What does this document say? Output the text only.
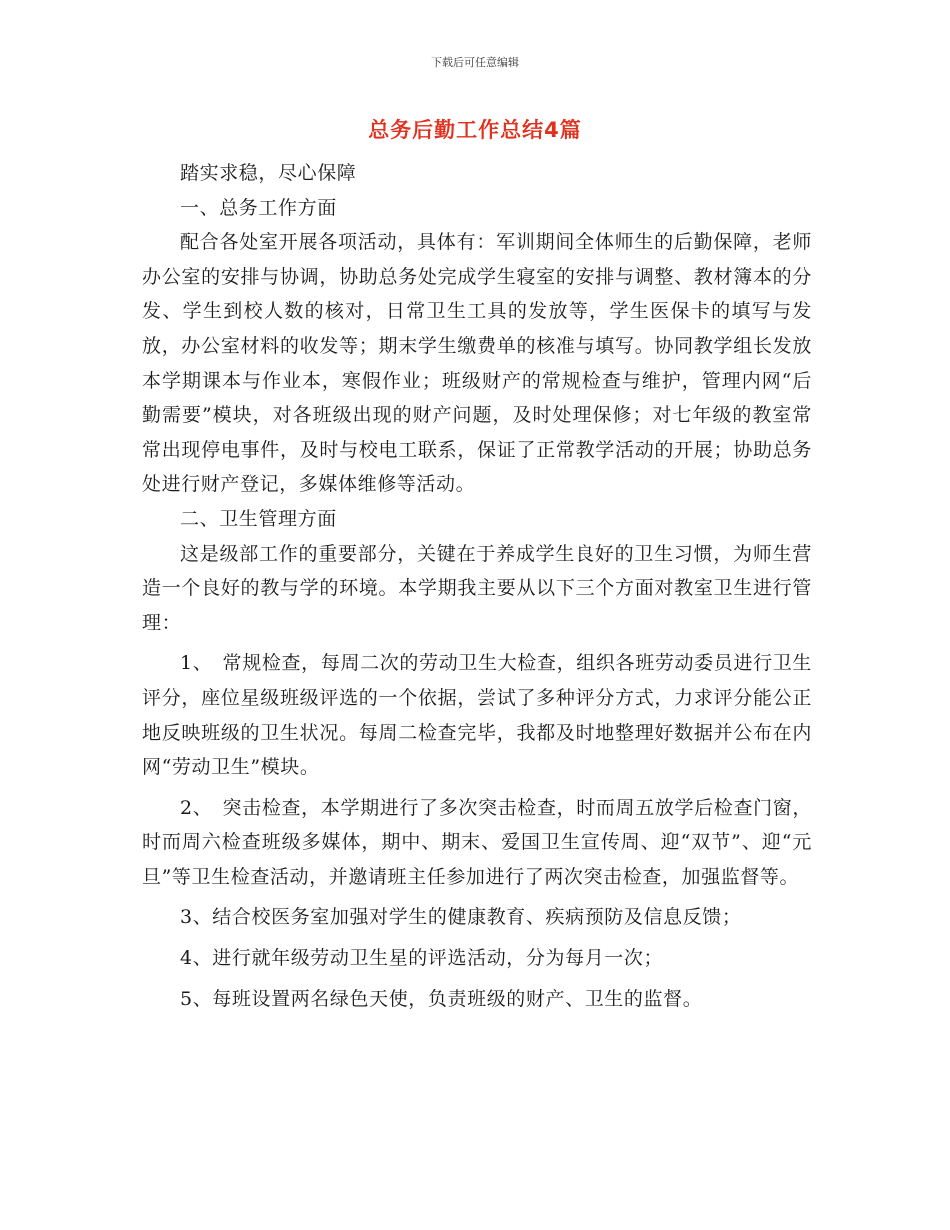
下载后可任意编辑
总务后勤工作总结4篇

踏实求稳，尽心保障

一、总务工作方面

配合各处室开展各项活动，具体有：军训期间全体师生的后勤保障，老师办公室的安排与协调，协助总务处完成学生寝室的安排与调整、教材簿本的分发、学生到校人数的核对，日常卫生工具的发放等，学生医保卡的填写与发放，办公室材料的收发等；期末学生缴费单的核准与填写。协同教学组长发放本学期课本与作业本，寒假作业；班级财产的常规检查与维护，管理内网“后勤需要”模块，对各班级出现的财产问题，及时处理保修；对七年级的教室常常出现停电事件，及时与校电工联系，保证了正常教学活动的开展；协助总务处进行财产登记，多媒体维修等活动。

二、卫生管理方面

这是级部工作的重要部分，关键在于养成学生良好的卫生习惯，为师生营造一个良好的教与学的环境。本学期我主要从以下三个方面对教室卫生进行管理：

1、　常规检查，每周二次的劳动卫生大检查，组织各班劳动委员进行卫生评分，座位星级班级评选的一个依据，尝试了多种评分方式，力求评分能公正地反映班级的卫生状况。每周二检查完毕，我都及时地整理好数据并公布在内网“劳动卫生”模块。

2、　突击检查，本学期进行了多次突击检查，时而周五放学后检查门窗，时而周六检查班级多媒体，期中、期末、爱国卫生宣传周、迎“双节”、迎“元旦”等卫生检查活动，并邀请班主任参加进行了两次突击检查，加强监督等。

3、结合校医务室加强对学生的健康教育、疾病预防及信息反馈；

4、进行就年级劳动卫生星的评选活动，分为每月一次；

5、每班设置两名绿色天使，负责班级的财产、卫生的监督。
